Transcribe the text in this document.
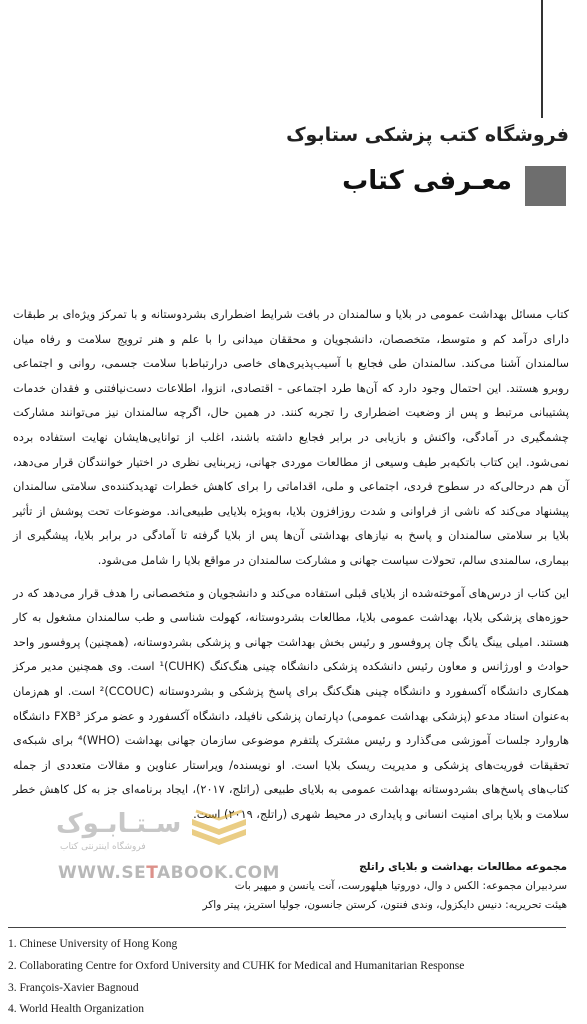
فروشگاه کتب پزشکی ستابوک
معـرفی کتاب

کتاب مسائل بهداشت عمومی در بلایا و سالمندان در بافت شرایط اضطراری بشردوستانه و با تمرکز ویژه‌ای بر طبقات دارای درآمد کم و متوسط، متخصصان، دانشجویان و محققان میدانی را با علم و هنر ترویج سلامت و رفاه میان سالمندان آشنا می‌کند. سالمندان طی فجایع با آسیب‌پذیری‌های خاصی درارتباط‌با سلامت جسمی، روانی و اجتماعی روبرو هستند. این احتمال وجود دارد که آن‌ها طرد اجتماعی - اقتصادی، انزوا، اطلاعات دست‌نیافتنی و فقدان خدمات پشتیبانی مرتبط و پس از وضعیت اضطراری را تجربه کنند. در همین حال، اگرچه سالمندان نیز می‌توانند مشارکت چشمگیری در آمادگی، واکنش و بازیابی در برابر فجایع داشته باشند، اغلب از توانایی‌هایشان نهایت استفاده برده نمی‌شود. این کتاب باتکیه‌بر طیف وسیعی از مطالعات موردی جهانی، زیربنایی نظری در اختیار خوانندگان قرار می‌دهد، آن هم درحالی‌که در سطوح فردی، اجتماعی و ملی، اقداماتی را برای کاهش خطرات تهدیدکننده‌ی سلامتی سالمندان پیشنهاد می‌کند که ناشی از فراوانی و شدت روزافزون بلایا، به‌ویژه بلایایی طبیعی‌اند. موضوعات تحت پوشش از تأثیر بلایا بر سلامتی سالمندان و پاسخ به نیازهای بهداشتی آن‌ها پس از بلایا گرفته تا آمادگی در برابر بلایا، پیشگیری از بیماری، سالمندی سالم، تحولات سیاست جهانی و مشارکت سالمندان در مواقع بلایا را شامل می‌شود.

این کتاب از درس‌های آموخته‌شده از بلایای قبلی استفاده می‌کند و دانشجویان و متخصصانی را هدف قرار می‌دهد که در حوزه‌های پزشکی بلایا، بهداشت عمومی بلایا، مطالعات بشردوستانه، کهولت شناسی و طب سالمندان مشغول به کار هستند. امیلی یینگ یانگ چان پروفسور و رئیس بخش بهداشت جهانی و پزشکی بشردوستانه، (همچنین) پروفسور واحد حوادث و اورژانس و معاون رئیس دانشکده پزشکی دانشگاه چینی هنگ‌کنگ (CUHK)¹ است. وی همچنین مدیر مرکز همکاری دانشگاه آکسفورد و دانشگاه چینی هنگ‌کنگ برای پاسخ پزشکی و بشردوستانه (CCOUC)² است. او هم‌زمان به‌عنوان استاد مدعو (پزشکی بهداشت عمومی) دپارتمان پزشکی نافیلد، دانشگاه آکسفورد و عضو مرکز FXB³ دانشگاه هاروارد جلسات آموزشی می‌گذارد و رئیس مشترک پلتفرم موضوعی سازمان جهانی بهداشت (WHO)⁴ برای شبکه‌ی تحقیقات فوریت‌های پزشکی و مدیریت ریسک بلایا است. او نویسنده/ ویراستار عناوین و مقالات متعددی از جمله کتاب‌های پاسخ‌های بشردوستانه بهداشت عمومی به بلایای طبیعی (راتلج، ۲۰۱۷)، ایجاد برنامه‌ای جز به کل کاهش خطر سلامت و بلایا برای امنیت انسانی و پایداری در محیط شهری (راتلج، ۲۰۱۹) است.

سـتـابـوک
فروشگاه اینترنتی کتاب
WWW.SETABOOK.COM	مجموعه مطالعات بهداشت و بلایای راتلج
سردبیران مجموعه: الکس د وال، دوروتیا هیلهورست، آنت یانسن و میهیر بات
هیئت تحریریه: دنیس دایکزول، وندی فنتون، کرستن جانسون، جولیا استریز، پیتر واکر
1. Chinese University of Hong Kong
2. Collaborating Centre for Oxford University and CUHK for Medical and Humanitarian Response
3. François-Xavier Bagnoud
4. World Health Organization
